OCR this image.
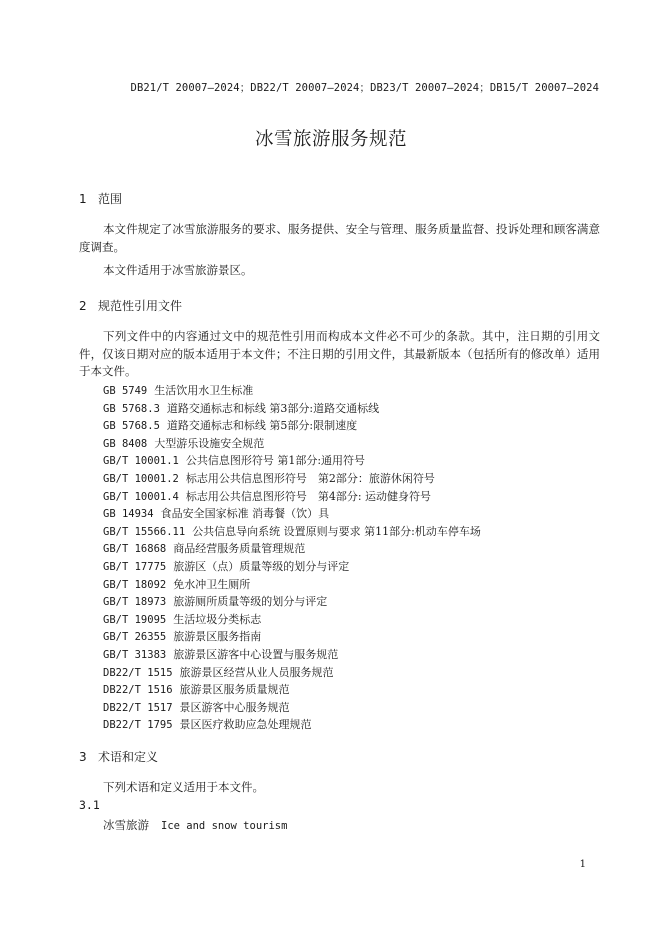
DB21/T 20007—2024；DB22/T 20007—2024；DB23/T 20007—2024；DB15/T 20007—2024
冰雪旅游服务规范
1 范围
本文件规定了冰雪旅游服务的要求、服务提供、安全与管理、服务质量监督、投诉处理和顾客满意度调查。
本文件适用于冰雪旅游景区。
2 规范性引用文件
下列文件中的内容通过文中的规范性引用而构成本文件必不可少的条款。其中，注日期的引用文件，仅该日期对应的版本适用于本文件；不注日期的引用文件，其最新版本（包括所有的修改单）适用于本文件。
GB 5749 生活饮用水卫生标准
GB 5768.3 道路交通标志和标线 第3部分:道路交通标线
GB 5768.5 道路交通标志和标线 第5部分:限制速度
GB 8408 大型游乐设施安全规范
GB/T 10001.1 公共信息图形符号 第1部分:通用符号
GB/T 10001.2 标志用公共信息图形符号　第2部分：旅游休闲符号
GB/T 10001.4 标志用公共信息图形符号　第4部分: 运动健身符号
GB 14934 食品安全国家标准 消毒餐（饮）具
GB/T 15566.11 公共信息导向系统 设置原则与要求 第11部分:机动车停车场
GB/T 16868 商品经营服务质量管理规范
GB/T 17775 旅游区（点）质量等级的划分与评定
GB/T 18092 免水冲卫生厕所
GB/T 18973 旅游厕所质量等级的划分与评定
GB/T 19095 生活垃圾分类标志
GB/T 26355 旅游景区服务指南
GB/T 31383 旅游景区游客中心设置与服务规范
DB22/T 1515 旅游景区经营从业人员服务规范
DB22/T 1516 旅游景区服务质量规范
DB22/T 1517 景区游客中心服务规范
DB22/T 1795 景区医疗救助应急处理规范
3 术语和定义
下列术语和定义适用于本文件。
3.1
冰雪旅游 Ice and snow tourism
1
